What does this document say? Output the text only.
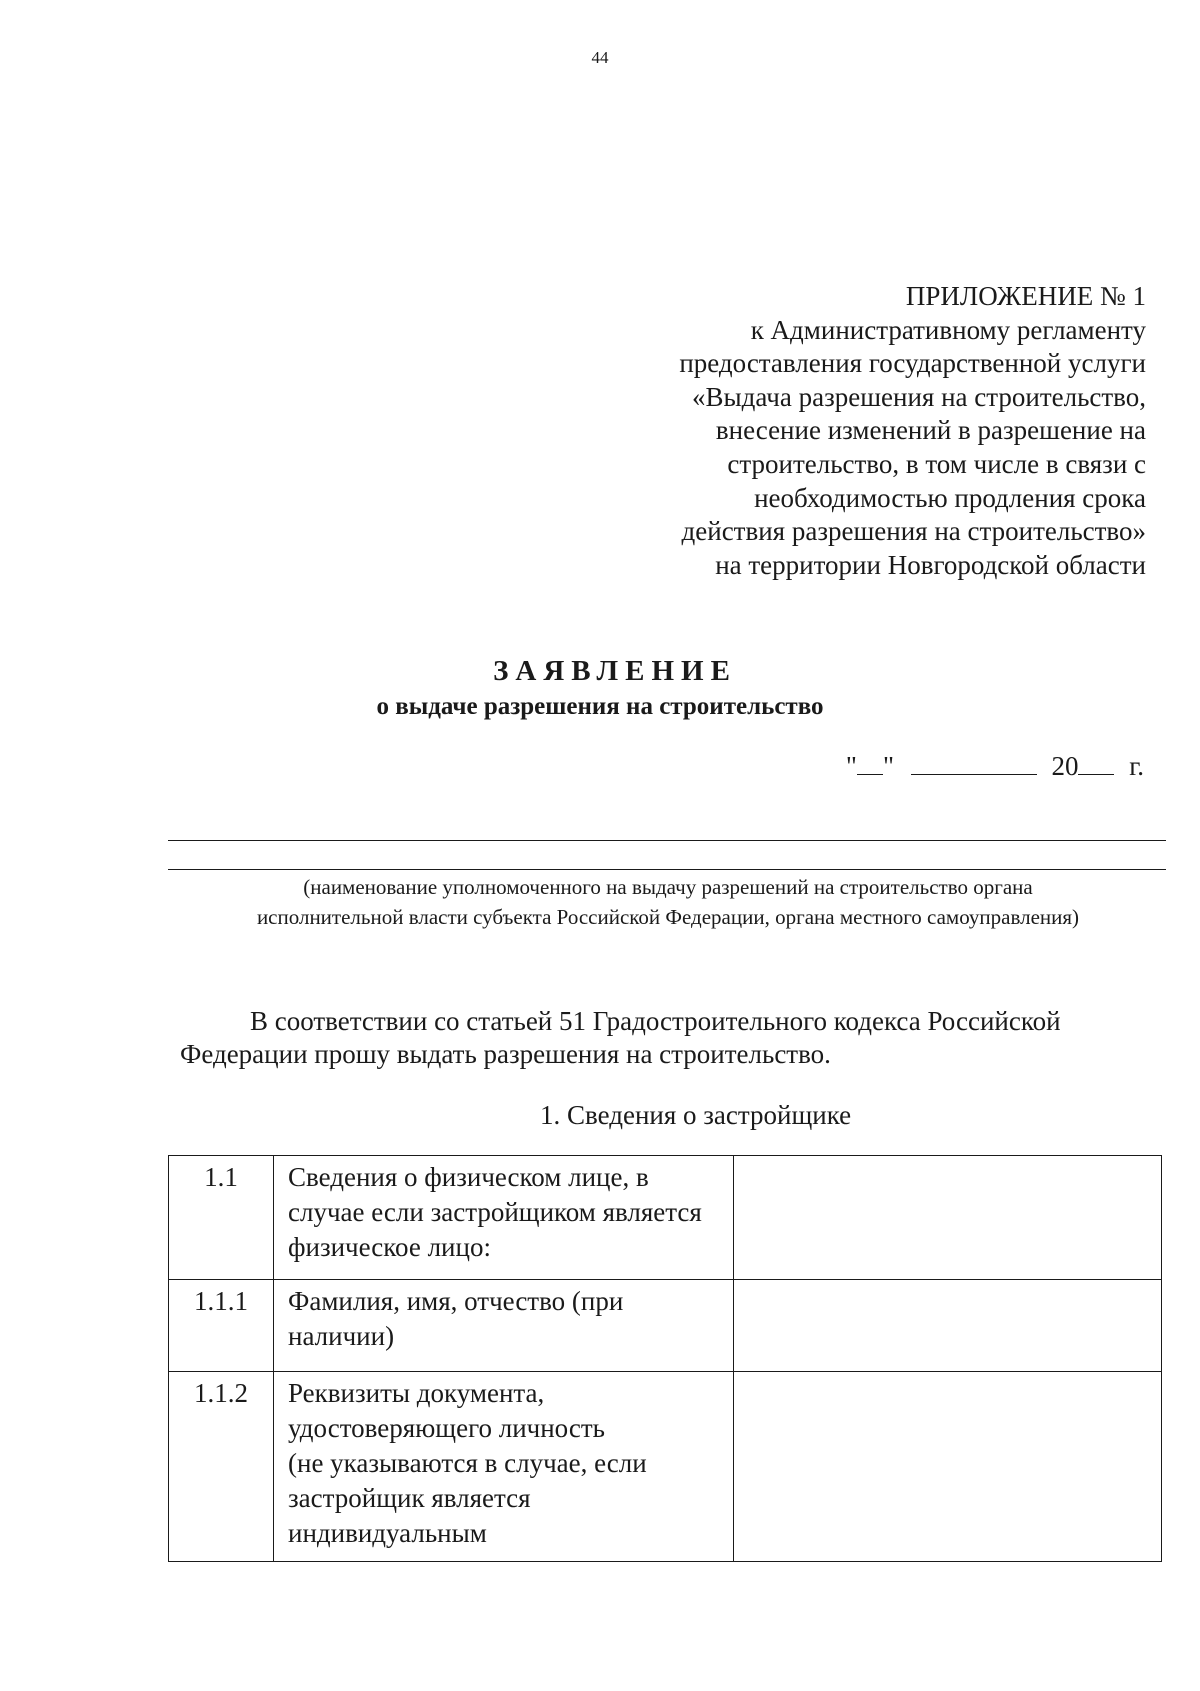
44
ПРИЛОЖЕНИЕ № 1
к Административному регламенту
предоставления государственной услуги
«Выдача разрешения на строительство,
внесение изменений в разрешение на
строительство, в том числе в связи с
необходимостью продления срока
действия разрешения на строительство»
на территории Новгородской области
ЗАЯВЛЕНИЕ
о выдаче разрешения на строительство
" "	20 г.
(наименование уполномоченного на выдачу разрешений на строительство органа
исполнительной власти субъекта Российской Федерации, органа местного самоуправления)
В соответствии со статьей 51 Градостроительного кодекса Российской
Федерации прошу выдать разрешения на строительство.
1. Сведения о застройщике
1.1	Сведения о физическом лице, в
случае если застройщиком является
физическое лицо:	

1.1.1	Фамилия, имя, отчество (при
наличии)	

1.1.2	Реквизиты документа,
удостоверяющего личность
(не указываются в случае, если
застройщик является
индивидуальным	
